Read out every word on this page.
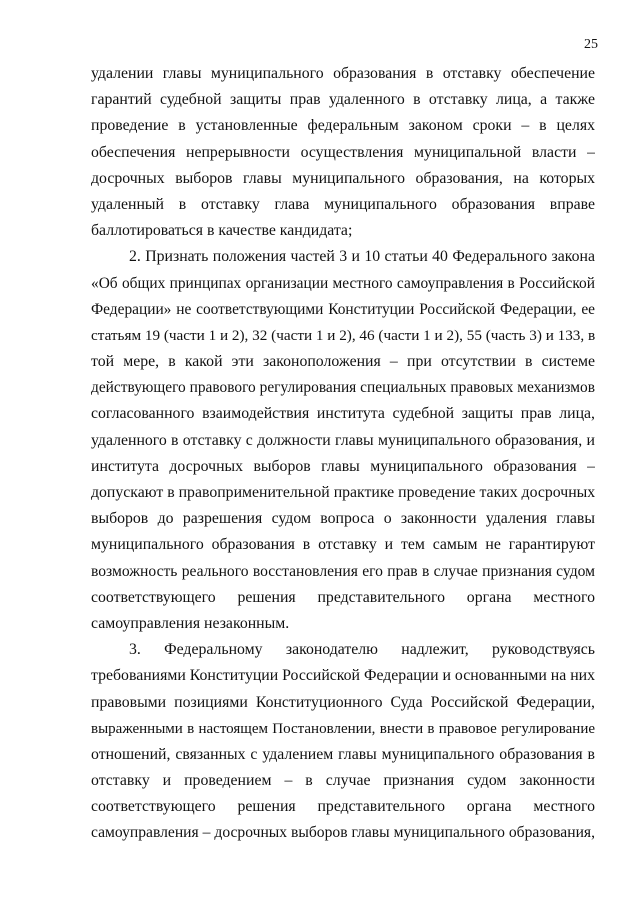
25
удалении главы муниципального образования в отставку обеспечение
гарантий судебной защиты прав удаленного в отставку лица, а также
проведение в установленные федеральным законом сроки – в целях
обеспечения непрерывности осуществления муниципальной власти –
досрочных выборов главы муниципального образования, на которых
удаленный в отставку глава муниципального образования вправе
баллотироваться в качестве кандидата;
2. Признать положения частей 3 и 10 статьи 40 Федерального закона
«Об общих принципах организации местного самоуправления в Российской
Федерации» не соответствующими Конституции Российской Федерации, ее
статьям 19 (части 1 и 2), 32 (части 1 и 2), 46 (части 1 и 2), 55 (часть 3) и 133, в
той мере, в какой эти законоположения – при отсутствии в системе
действующего правового регулирования специальных правовых механизмов
согласованного взаимодействия института судебной защиты прав лица,
удаленного в отставку с должности главы муниципального образования, и
института досрочных выборов главы муниципального образования –
допускают в правоприменительной практике проведение таких досрочных
выборов до разрешения судом вопроса о законности удаления главы
муниципального образования в отставку и тем самым не гарантируют
возможность реального восстановления его прав в случае признания судом
соответствующего решения представительного органа местного
самоуправления незаконным.
3. Федеральному законодателю надлежит, руководствуясь
требованиями Конституции Российской Федерации и основанными на них
правовыми позициями Конституционного Суда Российской Федерации,
выраженными в настоящем Постановлении, внести в правовое регулирование
отношений, связанных с удалением главы муниципального образования в
отставку и проведением – в случае признания судом законности
соответствующего решения представительного органа местного
самоуправления – досрочных выборов главы муниципального образования,
